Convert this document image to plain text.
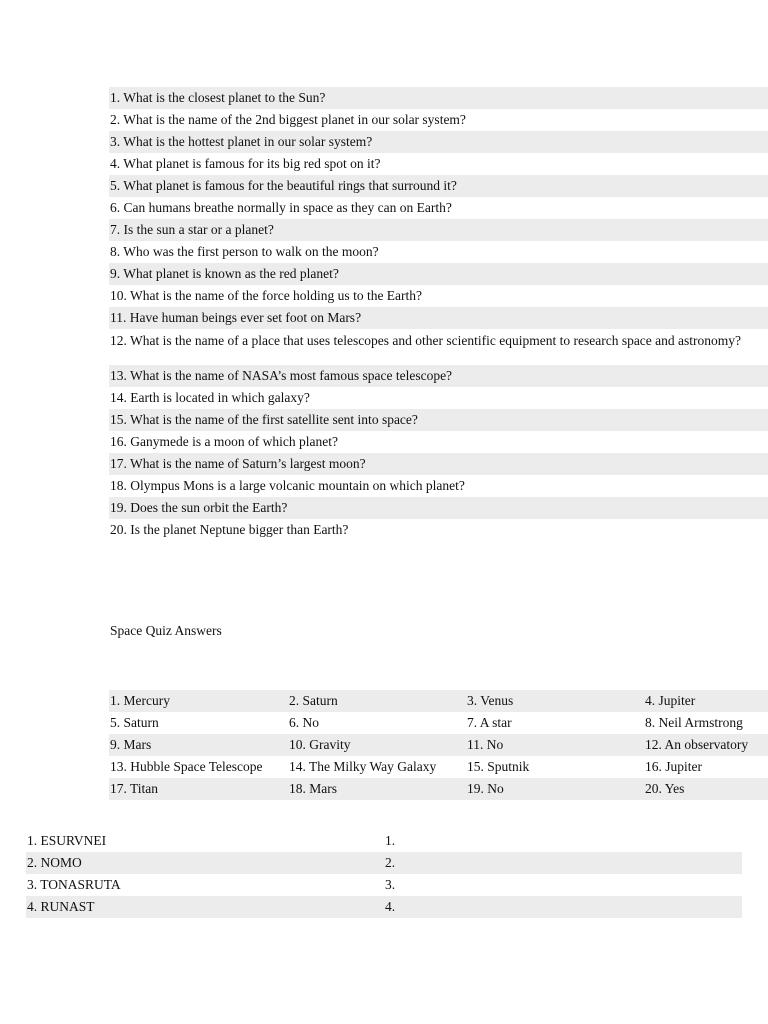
1. What is the closest planet to the Sun?
2. What is the name of the 2nd biggest planet in our solar system?
3. What is the hottest planet in our solar system?
4. What planet is famous for its big red spot on it?
5. What planet is famous for the beautiful rings that surround it?
6. Can humans breathe normally in space as they can on Earth?
7. Is the sun a star or a planet?
8. Who was the first person to walk on the moon?
9. What planet is known as the red planet?
10. What is the name of the force holding us to the Earth?
11. Have human beings ever set foot on Mars?
12. What is the name of a place that uses telescopes and other scientific equipment to research space and astronomy?
13. What is the name of NASA’s most famous space telescope?
14. Earth is located in which galaxy?
15. What is the name of the first satellite sent into space?
16. Ganymede is a moon of which planet?
17. What is the name of Saturn’s largest moon?
18. Olympus Mons is a large volcanic mountain on which planet?
19. Does the sun orbit the Earth?
20. Is the planet Neptune bigger than Earth?
Space Quiz Answers
1. Mercury	2. Saturn	3. Venus	4. Jupiter
5. Saturn	6. No	7. A star	8. Neil Armstrong
9. Mars	10. Gravity	11. No	12. An observatory
13. Hubble Space Telescope	14. The Milky Way Galaxy	15. Sputnik	16. Jupiter
17. Titan	18. Mars	19. No	20. Yes
1. ESURVNEI	1.
2. NOMO	2.
3. TONASRUTA	3.
4. RUNAST	4.
